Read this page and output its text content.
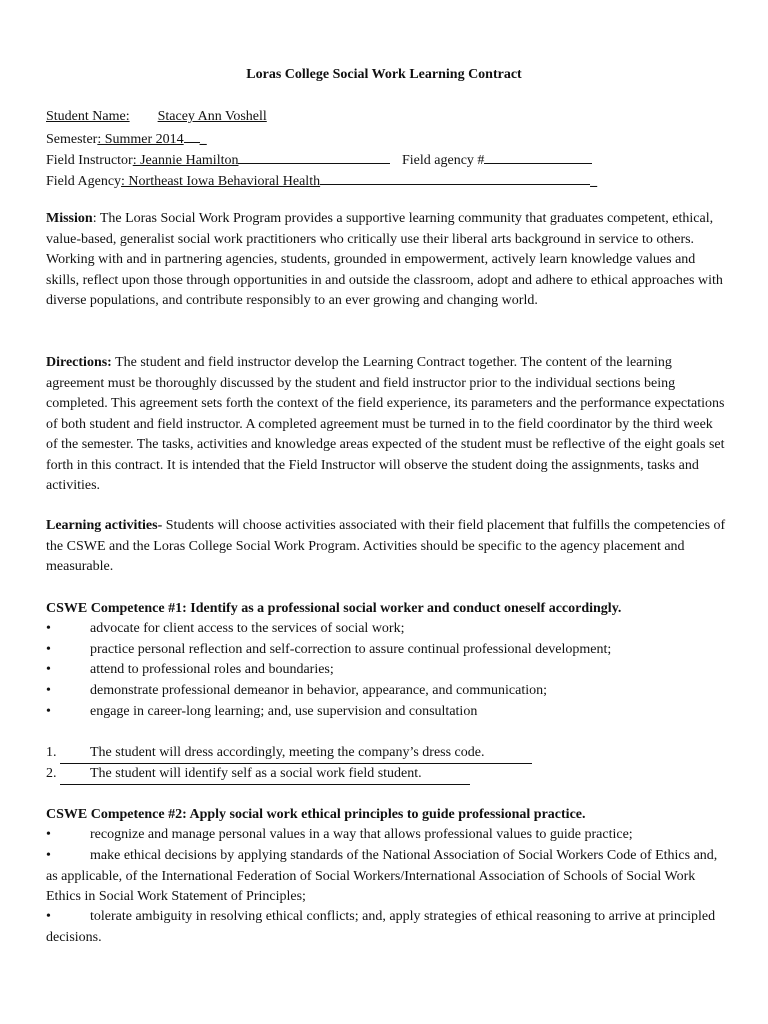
Loras College Social Work Learning Contract
Student Name: Stacey Ann Voshell
Semester: Summer 2014 _
Field Instructor: Jeannie Hamilton	Field agency #
Field Agency: Northeast Iowa Behavioral Health	_
Mission: The Loras Social Work Program provides a supportive learning community that graduates competent, ethical, value-based, generalist social work practitioners who critically use their liberal arts background in service to others. Working with and in partnering agencies, students, grounded in empowerment, actively learn knowledge values and skills, reflect upon those through opportunities in and outside the classroom, adopt and adhere to ethical approaches with diverse populations, and contribute responsibly to an ever growing and changing world.
Directions: The student and field instructor develop the Learning Contract together. The content of the learning agreement must be thoroughly discussed by the student and field instructor prior to the individual sections being completed. This agreement sets forth the context of the field experience, its parameters and the performance expectations of both student and field instructor. A completed agreement must be turned in to the field coordinator by the third week of the semester. The tasks, activities and knowledge areas expected of the student must be reflective of the eight goals set forth in this contract. It is intended that the Field Instructor will observe the student doing the assignments, tasks and activities.
Learning activities- Students will choose activities associated with their field placement that fulfills the competencies of the CSWE and the Loras College Social Work Program. Activities should be specific to the agency placement and measurable.
CSWE Competence #1: Identify as a professional social worker and conduct oneself accordingly.
•	advocate for client access to the services of social work;
•	practice personal reflection and self-correction to assure continual professional development;
•	attend to professional roles and boundaries;
•	demonstrate professional demeanor in behavior, appearance, and communication;
•	engage in career-long learning; and, use supervision and consultation
1. The student will dress accordingly, meeting the company’s dress code.
2.The student will identify self as a social work field student.
CSWE Competence #2: Apply social work ethical principles to guide professional practice.
•	recognize and manage personal values in a way that allows professional values to guide practice;
•	make ethical decisions by applying standards of the National Association of Social Workers Code of Ethics and, as applicable, of the International Federation of Social Workers/International Association of Schools of Social Work Ethics in Social Work Statement of Principles;
•	tolerate ambiguity in resolving ethical conflicts; and, apply strategies of ethical reasoning to arrive at principled decisions.
